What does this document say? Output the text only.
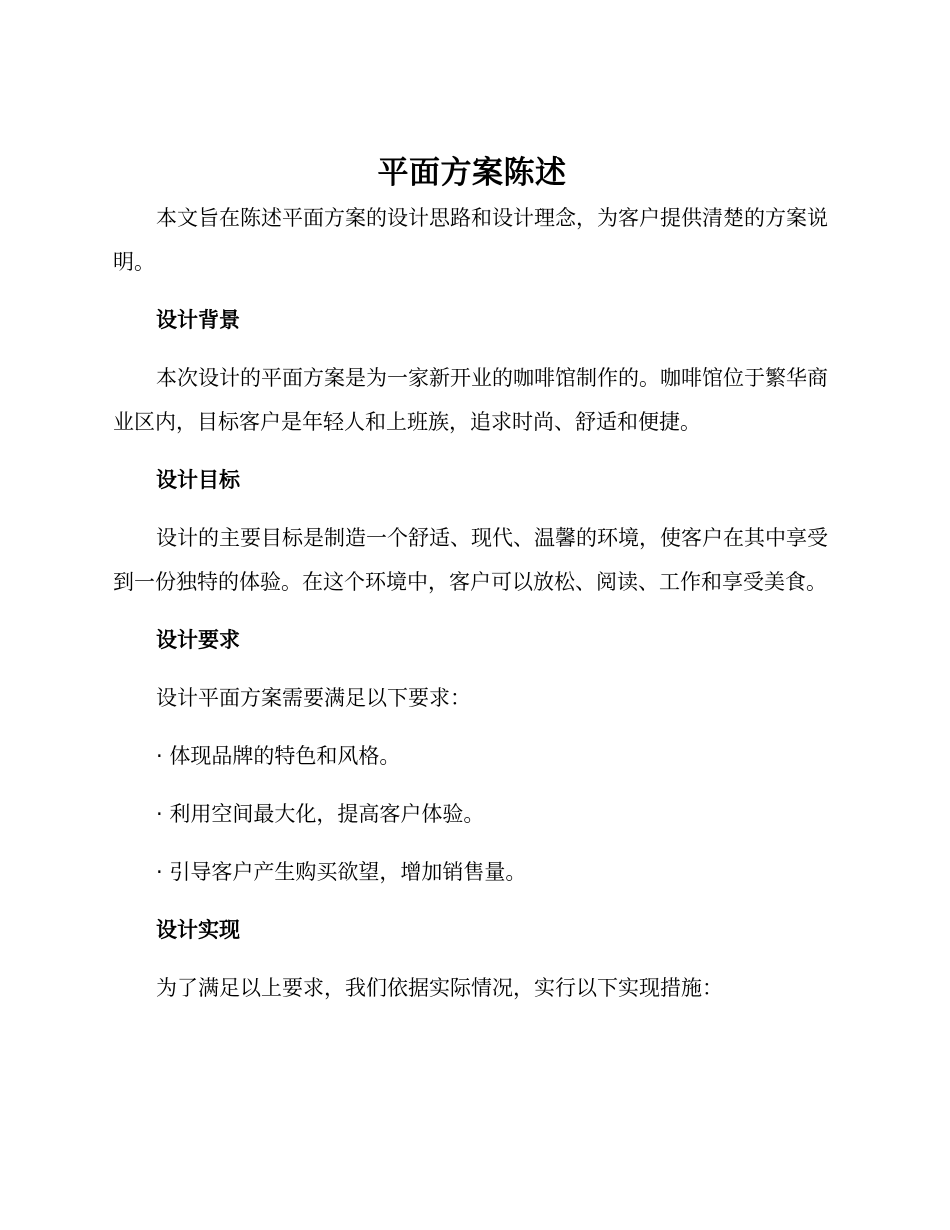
平面方案陈述

本文旨在陈述平面方案的设计思路和设计理念，为客户提供清楚的方案说明。

设计背景

本次设计的平面方案是为一家新开业的咖啡馆制作的。咖啡馆位于繁华商业区内，目标客户是年轻人和上班族，追求时尚、舒适和便捷。

设计目标

设计的主要目标是制造一个舒适、现代、温馨的环境，使客户在其中享受到一份独特的体验。在这个环境中，客户可以放松、阅读、工作和享受美食。

设计要求

设计平面方案需要满足以下要求：

· 体现品牌的特色和风格。

· 利用空间最大化，提高客户体验。

· 引导客户产生购买欲望，增加销售量。

设计实现

为了满足以上要求，我们依据实际情况，实行以下实现措施：
